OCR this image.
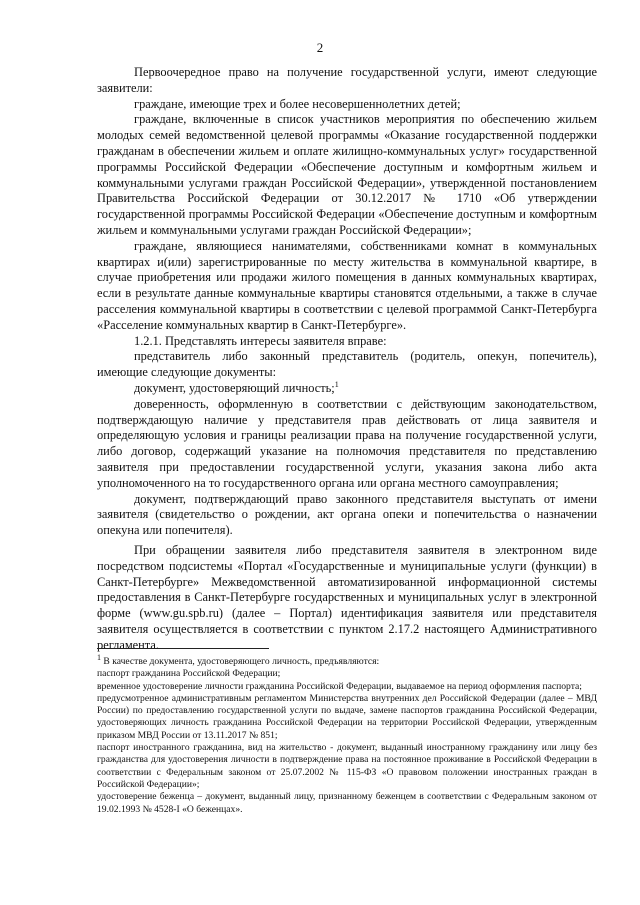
2

Первоочередное право на получение государственной услуги, имеют следующие заявители:

граждане, имеющие трех и более несовершеннолетних детей;

граждане, включенные в список участников мероприятия по обеспечению жильем молодых семей ведомственной целевой программы «Оказание государственной поддержки гражданам в обеспечении жильем и оплате жилищно-коммунальных услуг» государственной программы Российской Федерации «Обеспечение доступным и комфортным жильем и коммунальными услугами граждан Российской Федерации», утвержденной постановлением Правительства Российской Федерации от 30.12.2017 № 1710 «Об утверждении государственной программы Российской Федерации «Обеспечение доступным и комфортным жильем и коммунальными услугами граждан Российской Федерации»;

граждане, являющиеся нанимателями, собственниками комнат в коммунальных квартирах и(или) зарегистрированные по месту жительства в коммунальной квартире, в случае приобретения или продажи жилого помещения в данных коммунальных квартирах, если в результате данные коммунальные квартиры становятся отдельными, а также в случае расселения коммунальной квартиры в соответствии с целевой программой Санкт-Петербурга «Расселение коммунальных квартир в Санкт-Петербурге».

1.2.1. Представлять интересы заявителя вправе:

представитель либо законный представитель (родитель, опекун, попечитель), имеющие следующие документы:

документ, удостоверяющий личность;$^1$

доверенность, оформленную в соответствии с действующим законодательством, подтверждающую наличие у представителя прав действовать от лица заявителя и определяющую условия и границы реализации права на получение государственной услуги, либо договор, содержащий указание на полномочия представителя по представлению заявителя при предоставлении государственной услуги, указания закона либо акта уполномоченного на то государственного органа или органа местного самоуправления;

документ, подтверждающий право законного представителя выступать от имени заявителя (свидетельство о рождении, акт органа опеки и попечительства о назначении опекуна или попечителя).

При обращении заявителя либо представителя заявителя в электронном виде посредством подсистемы «Портал «Государственные и муниципальные услуги (функции) в Санкт-Петербурге» Межведомственной автоматизированной информационной системы предоставления в Санкт-Петербурге государственных и муниципальных услуг в электронной форме (www.gu.spb.ru) (далее – Портал) идентификация заявителя или представителя заявителя осуществляется в соответствии с пунктом 2.17.2 настоящего Административного регламента.

$^1$ В качестве документа, удостоверяющего личность, предъявляются:

паспорт гражданина Российской Федерации;

временное удостоверение личности гражданина Российской Федерации, выдаваемое на период оформления паспорта;

предусмотренное административным регламентом Министерства внутренних дел Российской Федерации (далее – МВД России) по предоставлению государственной услуги по выдаче, замене паспортов гражданина Российской Федерации, удостоверяющих личность гражданина Российской Федерации на территории Российской Федерации, утвержденным приказом МВД России от 13.11.2017 № 851;

паспорт иностранного гражданина, вид на жительство - документ, выданный иностранному гражданину или лицу без гражданства для удостоверения личности в подтверждение права на постоянное проживание в Российской Федерации в соответствии с Федеральным законом от 25.07.2002 № 115-ФЗ «О правовом положении иностранных граждан в Российской Федерации»;

удостоверение беженца – документ, выданный лицу, признанному беженцем в соответствии с Федеральным законом от 19.02.1993 № 4528-I «О беженцах».
